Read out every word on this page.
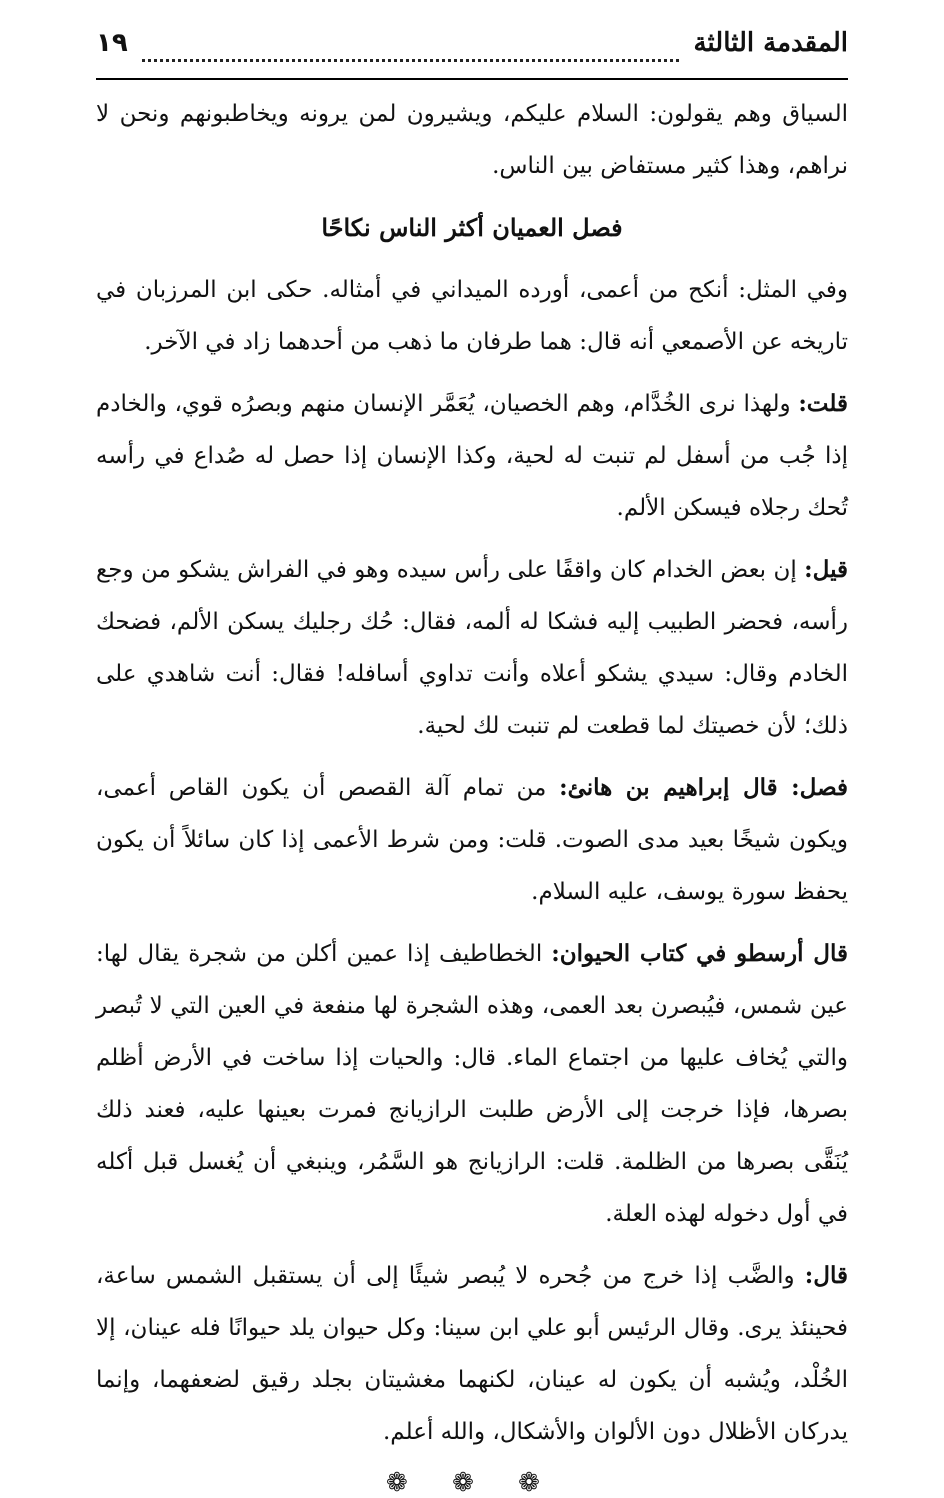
المقدمة الثالثة
١٩

السياق وهم يقولون: السلام عليكم، ويشيرون لمن يرونه ويخاطبونهم ونحن لا نراهم، وهذا كثير مستفاض بين الناس.

فصل العميان أكثر الناس نكاحًا

وفي المثل: أنكح من أعمى، أورده الميداني في أمثاله. حكى ابن المرزبان في تاريخه عن الأصمعي أنه قال: هما طرفان ما ذهب من أحدهما زاد في الآخر.

قلت: ولهذا نرى الخُدَّام، وهم الخصيان، يُعَمَّر الإنسان منهم وبصرُه قوي، والخادم إذا جُب من أسفل لم تنبت له لحية، وكذا الإنسان إذا حصل له صُداع في رأسه تُحك رجلاه فيسكن الألم.

قيل: إن بعض الخدام كان واقفًا على رأس سيده وهو في الفراش يشكو من وجع رأسه، فحضر الطبيب إليه فشكا له ألمه، فقال: حُك رجليك يسكن الألم، فضحك الخادم وقال: سيدي يشكو أعلاه وأنت تداوي أسافله! فقال: أنت شاهدي على ذلك؛ لأن خصيتك لما قطعت لم تنبت لك لحية.

فصل: قال إبراهيم بن هانئ: من تمام آلة القصص أن يكون القاص أعمى، ويكون شيخًا بعيد مدى الصوت. قلت: ومن شرط الأعمى إذا كان سائلاً أن يكون يحفظ سورة يوسف، عليه السلام.

قال أرسطو في كتاب الحيوان: الخطاطيف إذا عمين أكلن من شجرة يقال لها: عين شمس، فيُبصرن بعد العمى، وهذه الشجرة لها منفعة في العين التي لا تُبصر والتي يُخاف عليها من اجتماع الماء. قال: والحيات إذا ساخت في الأرض أظلم بصرها، فإذا خرجت إلى الأرض طلبت الرازيانج فمرت بعينها عليه، فعند ذلك يُنَقَّى بصرها من الظلمة. قلت: الرازيانج هو السَّمُر، وينبغي أن يُغسل قبل أكله في أول دخوله لهذه العلة.

قال: والضَّب إذا خرج من جُحره لا يُبصر شيئًا إلى أن يستقبل الشمس ساعة، فحينئذ يرى. وقال الرئيس أبو علي ابن سينا: وكل حيوان يلد حيوانًا فله عينان، إلا الخُلْد، ويُشبه أن يكون له عينان، لكنهما مغشيتان بجلد رقيق لضعفهما، وإنما يدركان الأظلال دون الألوان والأشكال، والله أعلم.

❁ ❁ ❁
